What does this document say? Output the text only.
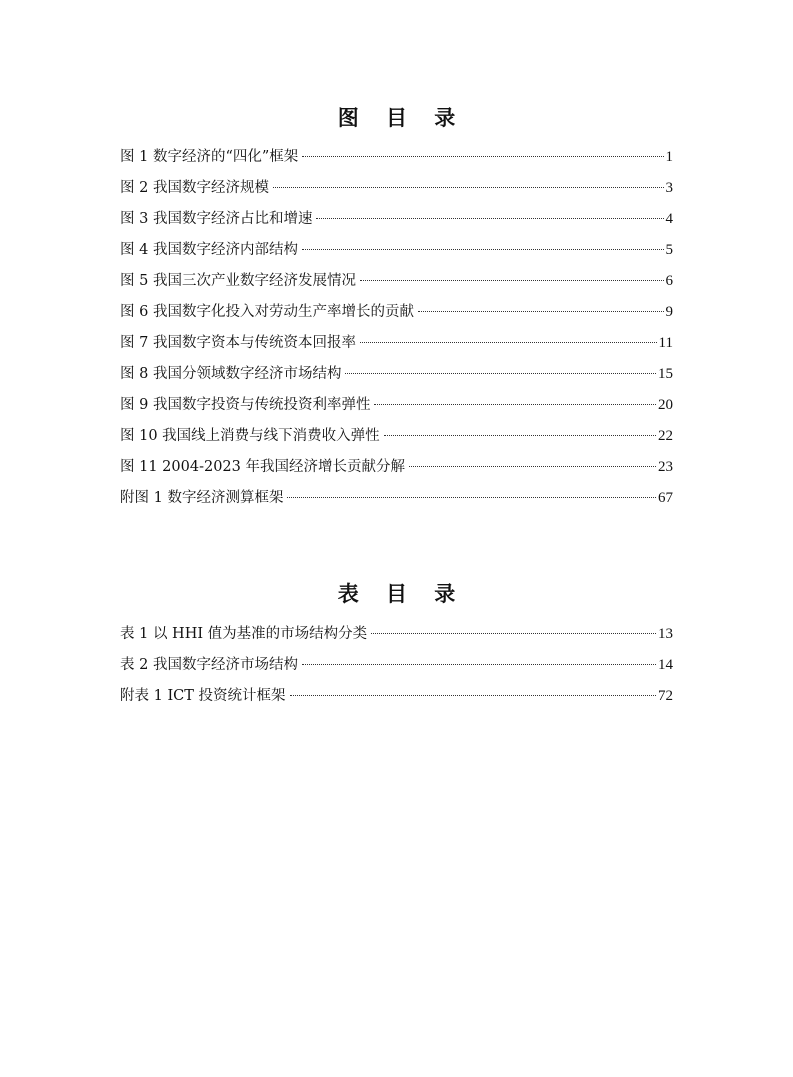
图 目 录
图 1 数字经济的“四化”框架	1
图 2 我国数字经济规模	3
图 3 我国数字经济占比和增速	4
图 4 我国数字经济内部结构	5
图 5 我国三次产业数字经济发展情况	6
图 6 我国数字化投入对劳动生产率增长的贡献	9
图 7 我国数字资本与传统资本回报率	11
图 8 我国分领域数字经济市场结构	15
图 9 我国数字投资与传统投资利率弹性	20
图 10 我国线上消费与线下消费收入弹性	22
图 11 2004-2023 年我国经济增长贡献分解	23
附图 1 数字经济测算框架	67
表 目 录
表 1 以 HHI 值为基准的市场结构分类	13
表 2 我国数字经济市场结构	14
附表 1 ICT 投资统计框架	72
